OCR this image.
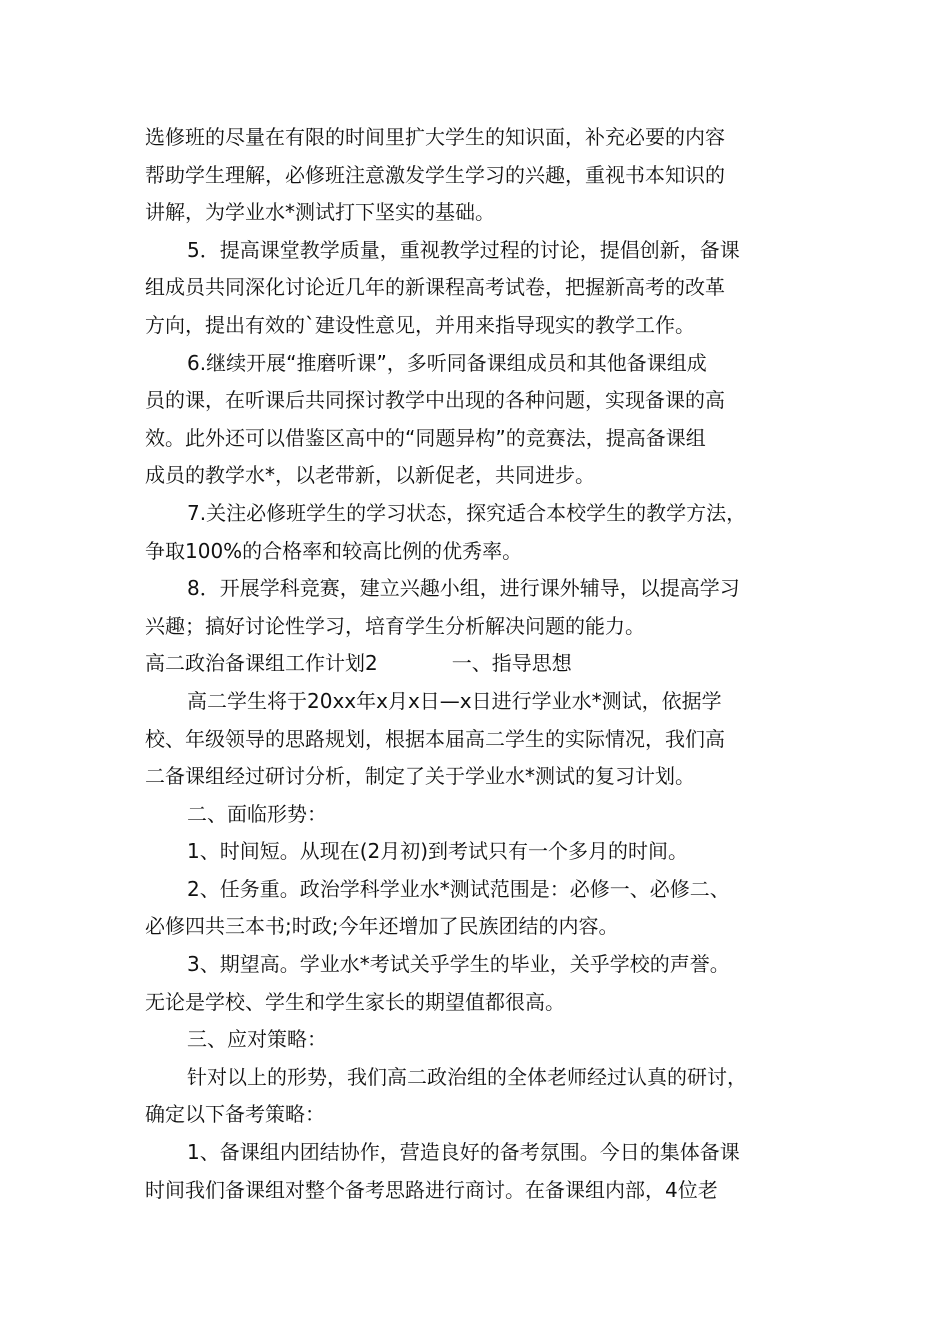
选修班的尽量在有限的时间里扩大学生的知识面，补充必要的内容
帮助学生理解，必修班注意激发学生学习的兴趣，重视书本知识的
讲解，为学业水*测试打下坚实的基础。
5．提高课堂教学质量，重视教学过程的讨论，提倡创新，备课
组成员共同深化讨论近几年的新课程高考试卷，把握新高考的改革
方向，提出有效的`建设性意见，并用来指导现实的教学工作。
6.继续开展“推磨听课”，多听同备课组成员和其他备课组成
员的课，在听课后共同探讨教学中出现的各种问题，实现备课的高
效。此外还可以借鉴区高中的“同题异构”的竞赛法，提高备课组
成员的教学水*，以老带新，以新促老，共同进步。
7.关注必修班学生的学习状态，探究适合本校学生的教学方法，
争取100%的合格率和较高比例的优秀率。
8．开展学科竞赛，建立兴趣小组，进行课外辅导，以提高学习
兴趣；搞好讨论性学习，培育学生分析解决问题的能力。
高二政治备课组工作计划2	一、指导思想
高二学生将于20xx年x月x日—x日进行学业水*测试，依据学
校、年级领导的思路规划，根据本届高二学生的实际情况，我们高
二备课组经过研讨分析，制定了关于学业水*测试的复习计划。
二、面临形势：
1、时间短。从现在(2月初)到考试只有一个多月的时间。
2、任务重。政治学科学业水*测试范围是：必修一、必修二、
必修四共三本书;时政;今年还增加了民族团结的内容。
3、期望高。学业水*考试关乎学生的毕业，关乎学校的声誉。
无论是学校、学生和学生家长的期望值都很高。
三、应对策略：
针对以上的形势，我们高二政治组的全体老师经过认真的研讨，
确定以下备考策略：
1、备课组内团结协作，营造良好的备考氛围。今日的集体备课
时间我们备课组对整个备考思路进行商讨。在备课组内部，4位老
